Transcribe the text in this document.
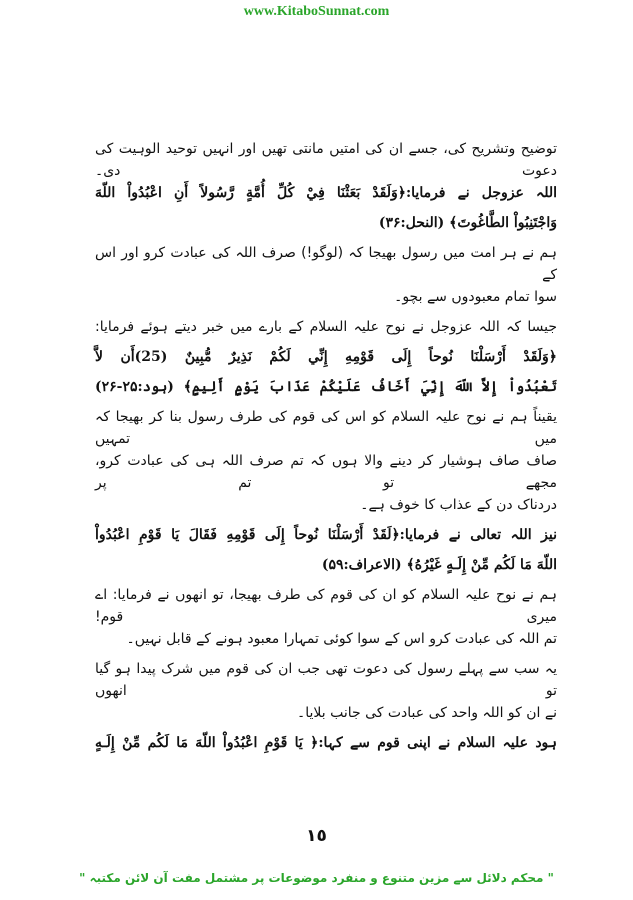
www.KitaboSunnat.com
توضیح وتشریح کی، جسے ان کی امتیں مانتی تھیں اور انہیں توحید الوہیت کی دعوت دی۔
اللہ عزوجل نے فرمایا:﴿وَلَقَدْ بَعَثْنَا فِيْ كُلِّ أُمَّةٍ رَّسُولاً أَنِ اعْبُدُواْ اللّهَ
وَاجْتَنِبُواْ الطَّاغُوتَ﴾ (النحل:۳۶)
ہم نے ہر امت میں رسول بھیجا کہ (لوگو!) صرف اللہ کی عبادت کرو اور اس کے
سوا تمام معبودوں سے بچو۔
جیسا کہ اللہ عزوجل نے نوح علیہ السلام کے بارے میں خبر دیتے ہوئے فرمایا:
﴿وَلَقَدْ أَرْسَلْنَا نُوحاً إِلَى قَوْمِهِ إِنِّي لَكُمْ نَذِيرٌ مُّبِينٌ (25)أَن لاَّ
تَعْبُدُواْ إِلاَّ اللّهَ إِنِّيَ أَخَافُ عَلَيْكُمْ عَذَابَ يَوْمٍ أَلِيمٍ﴾ (ہود:۲۵-۲۶)
یقیناً ہم نے نوح علیہ السلام کو اس کی قوم کی طرف رسول بنا کر بھیجا کہ میں تمہیں
صاف صاف ہوشیار کر دینے والا ہوں کہ تم صرف اللہ ہی کی عبادت کرو، مجھے تو تم پر
دردناک دن کے عذاب کا خوف ہے۔
نیز اللہ تعالی نے فرمایا:﴿لَقَدْ أَرْسَلْنَا نُوحاً إِلَى قَوْمِهِ فَقَالَ يَا قَوْمِ اعْبُدُواْ
اللّهَ مَا لَكُم مِّنْ إِلَـهٍ غَيْرُهُ﴾ (الاعراف:۵۹)
ہم نے نوح علیہ السلام کو ان کی قوم کی طرف بھیجا، تو انھوں نے فرمایا: اے میری قوم!
تم اللہ کی عبادت کرو اس کے سوا کوئی تمہارا معبود ہونے کے قابل نہیں۔
یہ سب سے پہلے رسول کی دعوت تھی جب ان کی قوم میں شرک پیدا ہو گیا تو انھوں
نے ان کو اللہ واحد کی عبادت کی جانب بلایا۔
ہود علیہ السلام نے اپنی قوم سے کہا:﴿ يَا قَوْمِ اعْبُدُواْ اللّهَ مَا لَكُم مِّنْ إِلَـهٍ
١٥
" محکم دلائل سے مزین متنوع و منفرد موضوعات پر مشتمل مفت آن لائن مکتبہ "
